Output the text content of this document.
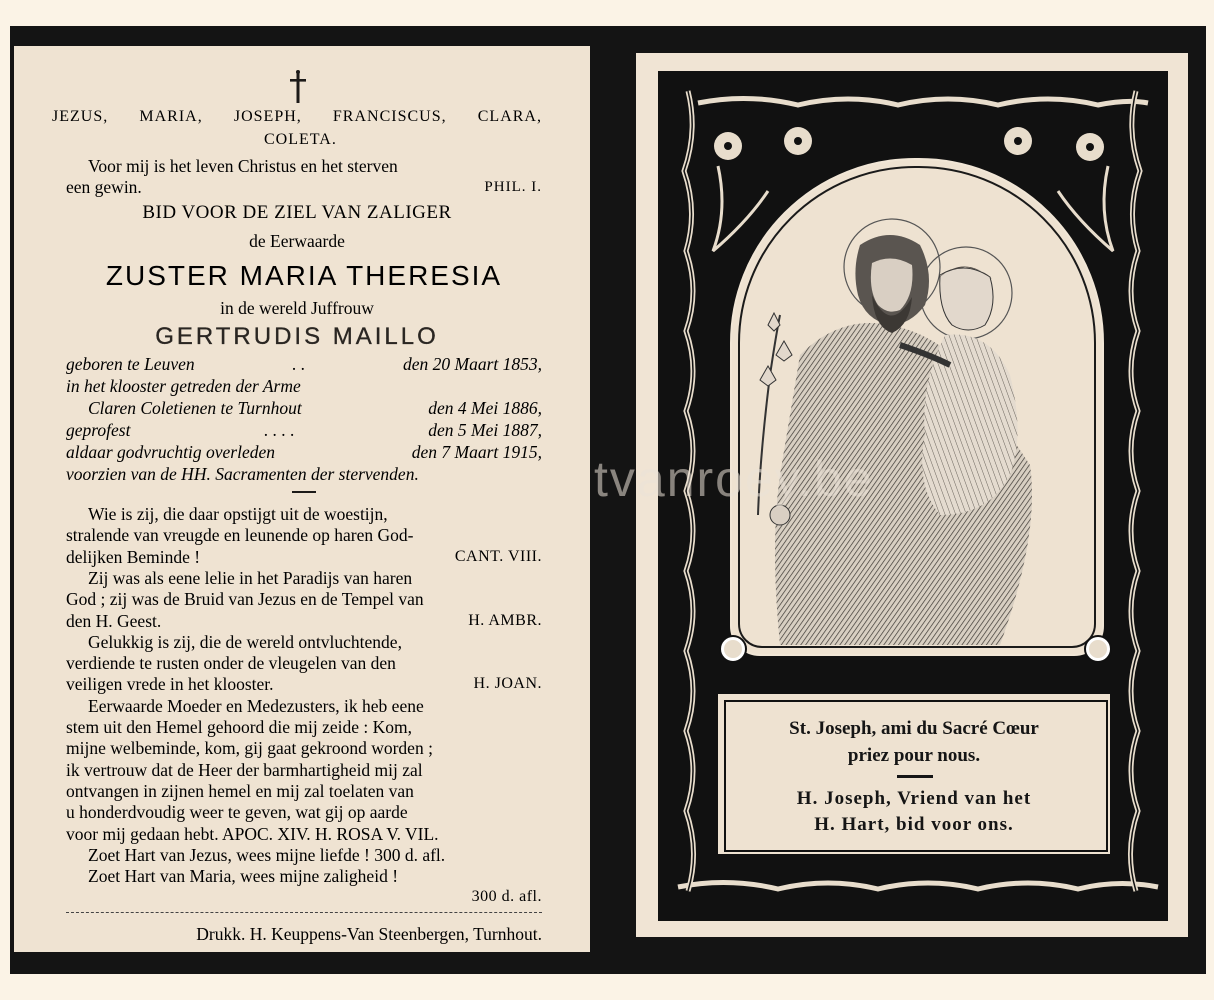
JEZUS, MARIA, JOSEPH, FRANCISCUS, CLARA,
COLETA.
Voor mij is het leven Christus en het sterven
een gewin.	PHIL. I.
BID VOOR DE ZIEL VAN ZALIGER
de Eerwaarde
ZUSTER MARIA THERESIA
in de wereld Juffrouw
GERTRUDIS MAILLO
geboren te Leuven	. .	den 20 Maart 1853,
in het klooster getreden der Arme
Claren Coletienen te Turnhout	den 4 Mei 1886,
geprofest	. . . .	den 5 Mei 1887,
aldaar godvruchtig overleden	den 7 Maart 1915,
voorzien van de HH. Sacramenten der stervenden.
Wie is zij, die daar opstijgt uit de woestijn,
stralende van vreugde en leunende op haren God-
delijken Beminde !	CANT. VIII.
Zij was als eene lelie in het Paradijs van haren
God ; zij was de Bruid van Jezus en de Tempel van
den H. Geest.	H. AMBR.
Gelukkig is zij, die de wereld ontvluchtende,
verdiende te rusten onder de vleugelen van den
veiligen vrede in het klooster.	H. JOAN.
Eerwaarde Moeder en Medezusters, ik heb eene
stem uit den Hemel gehoord die mij zeide : Kom,
mijne welbeminde, kom, gij gaat gekroond worden ;
ik vertrouw dat de Heer der barmhartigheid mij zal
ontvangen in zijnen hemel en mij zal toelaten van
u honderdvoudig weer te geven, wat gij op aarde
voor mij gedaan hebt. APOC. XIV. H. ROSA V. VIL.
Zoet Hart van Jezus, wees mijne liefde ! 300 d. afl.
Zoet Hart van Maria, wees mijne zaligheid !
300 d. afl.
Drukk. H. Keuppens-Van Steenbergen, Turnhout.
St. Joseph, ami du Sacré Cœur
priez pour nous.
H. Joseph, Vriend van het
H. Hart, bid voor ons.
tvanroey.be
